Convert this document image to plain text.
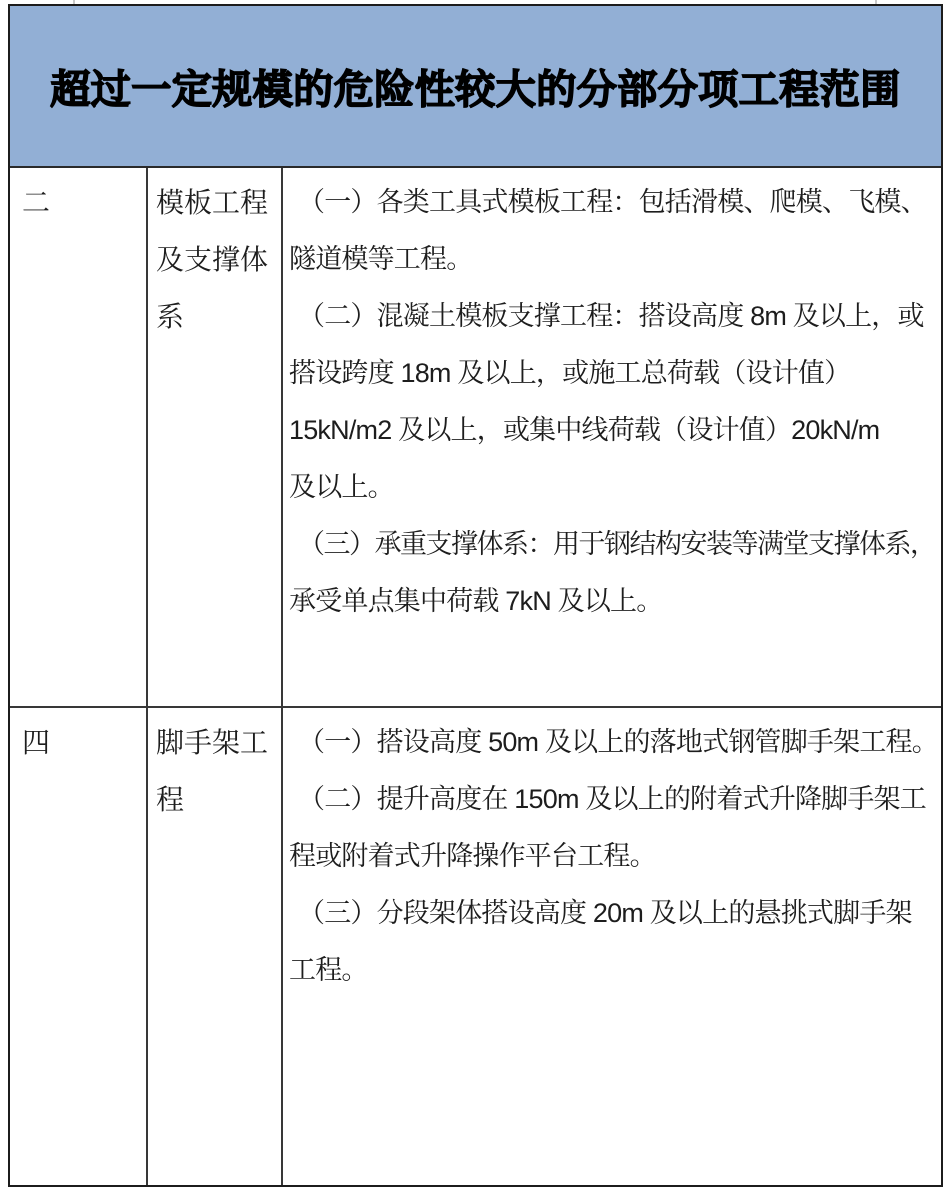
超过一定规模的危险性较大的分部分项工程范围
二	模板工程
及支撑体
系
（一）各类工具式模板工程：包括滑模、爬模、飞模、
隧道模等工程。
（二）混凝土模板支撑工程：搭设高度 8m 及以上，或
搭设跨度 18m 及以上，或施工总荷载（设计值）
15kN/m2 及以上，或集中线荷载（设计值）20kN/m
及以上。
（三）承重支撑体系：用于钢结构安装等满堂支撑体系，
承受单点集中荷载 7kN 及以上。
四	脚手架工
程
（一）搭设高度 50m 及以上的落地式钢管脚手架工程。
（二）提升高度在 150m 及以上的附着式升降脚手架工
程或附着式升降操作平台工程。
（三）分段架体搭设高度 20m 及以上的悬挑式脚手架
工程。
